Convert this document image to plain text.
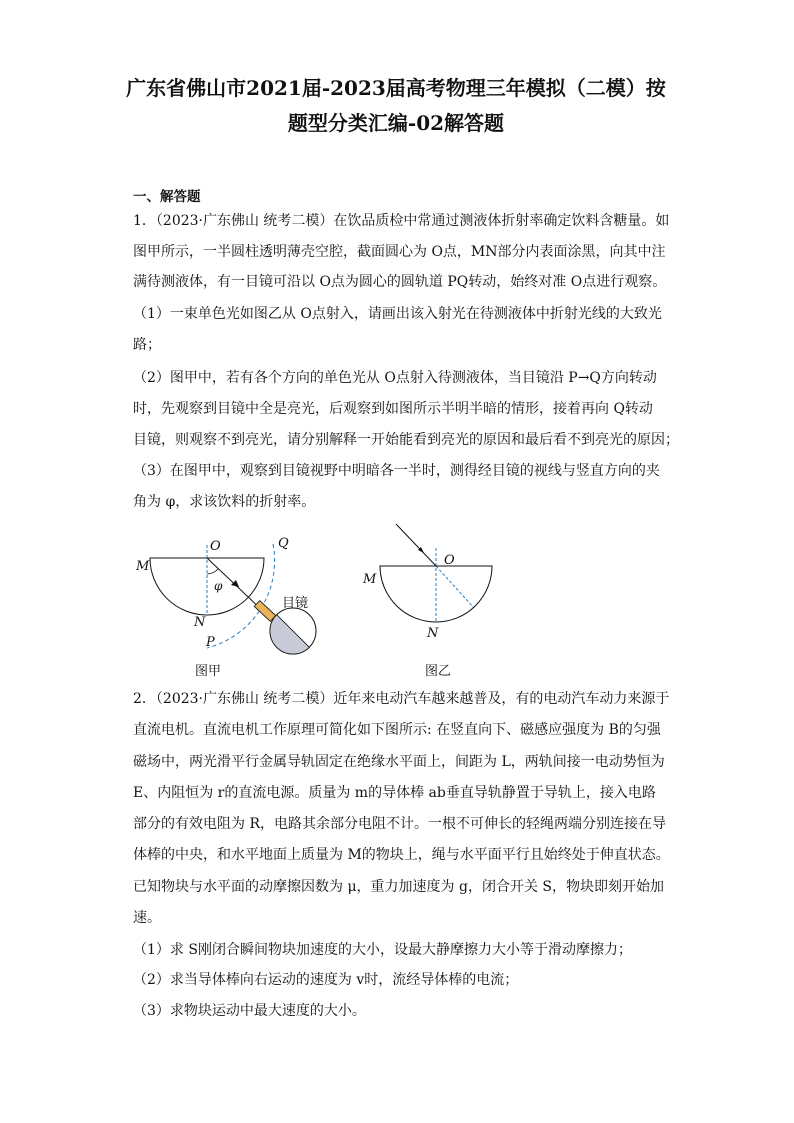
广东省佛山市2021届-2023届高考物理三年模拟（二模）按
题型分类汇编-02解答题
一、解答题
1．（2023·广东佛山 统考二模）在饮品质检中常通过测液体折射率确定饮料含糖量。如
图甲所示，一半圆柱透明薄壳空腔，截面圆心为 O点，MN部分内表面涂黑，向其中注
满待测液体，有一目镜可沿以 O点为圆心的圆轨道 PQ转动，始终对准 O点进行观察。
（1）一束单色光如图乙从 O点射入，请画出该入射光在待测液体中折射光线的大致光
路；
（2）图甲中，若有各个方向的单色光从 O点射入待测液体，当目镜沿 P→Q方向转动
时，先观察到目镜中全是亮光，后观察到如图所示半明半暗的情形，接着再向 Q转动
目镜，则观察不到亮光，请分别解释一开始能看到亮光的原因和最后看不到亮光的原因；
（3）在图甲中，观察到目镜视野中明暗各一半时，测得经目镜的视线与竖直方向的夹
角为 φ，求该饮料的折射率。
M
O
N
P
Q
φ
目镜
图甲
O
M
N
图乙
2．（2023·广东佛山 统考二模）近年来电动汽车越来越普及，有的电动汽车动力来源于
直流电机。直流电机工作原理可简化如下图所示: 在竖直向下、磁感应强度为 B的匀强
磁场中，两光滑平行金属导轨固定在绝缘水平面上，间距为 L，两轨间接一电动势恒为
E、内阻恒为 r的直流电源。质量为 m的导体棒 ab垂直导轨静置于导轨上，接入电路
部分的有效电阻为 R，电路其余部分电阻不计。一根不可伸长的轻绳两端分别连接在导
体棒的中央，和水平地面上质量为 M的物块上，绳与水平面平行且始终处于伸直状态。
已知物块与水平面的动摩擦因数为 μ，重力加速度为 g，闭合开关 S，物块即刻开始加
速。
（1）求 S刚闭合瞬间物块加速度的大小，设最大静摩擦力大小等于滑动摩擦力；
（2）求当导体棒向右运动的速度为 v时，流经导体棒的电流；
（3）求物块运动中最大速度的大小。
